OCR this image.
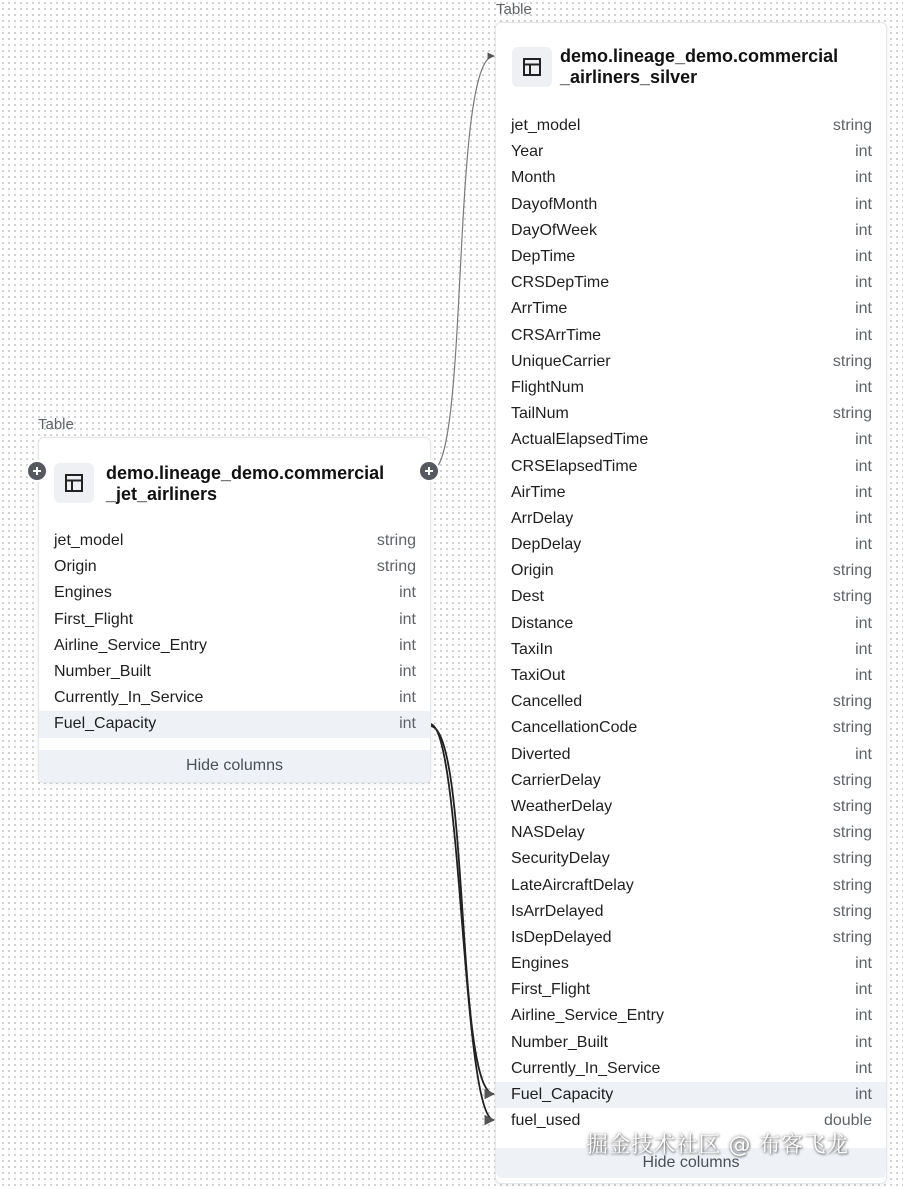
Table
demo.lineage_demo.commercial
_jet_airliners
jet_model	string
Origin	string
Engines	int
First_Flight	int
Airline_Service_Entry	int
Number_Built	int
Currently_In_Service	int
Fuel_Capacity	int
Hide columns
Table
demo.lineage_demo.commercial
_airliners_silver
jet_model	string
Year	int
Month	int
DayofMonth	int
DayOfWeek	int
DepTime	int
CRSDepTime	int
ArrTime	int
CRSArrTime	int
UniqueCarrier	string
FlightNum	int
TailNum	string
ActualElapsedTime	int
CRSElapsedTime	int
AirTime	int
ArrDelay	int
DepDelay	int
Origin	string
Dest	string
Distance	int
TaxiIn	int
TaxiOut	int
Cancelled	string
CancellationCode	string
Diverted	int
CarrierDelay	string
WeatherDelay	string
NASDelay	string
SecurityDelay	string
LateAircraftDelay	string
IsArrDelayed	string
IsDepDelayed	string
Engines	int
First_Flight	int
Airline_Service_Entry	int
Number_Built	int
Currently_In_Service	int
Fuel_Capacity	int
fuel_used	double
Hide columns
掘金技术社区 @ 布客飞龙
